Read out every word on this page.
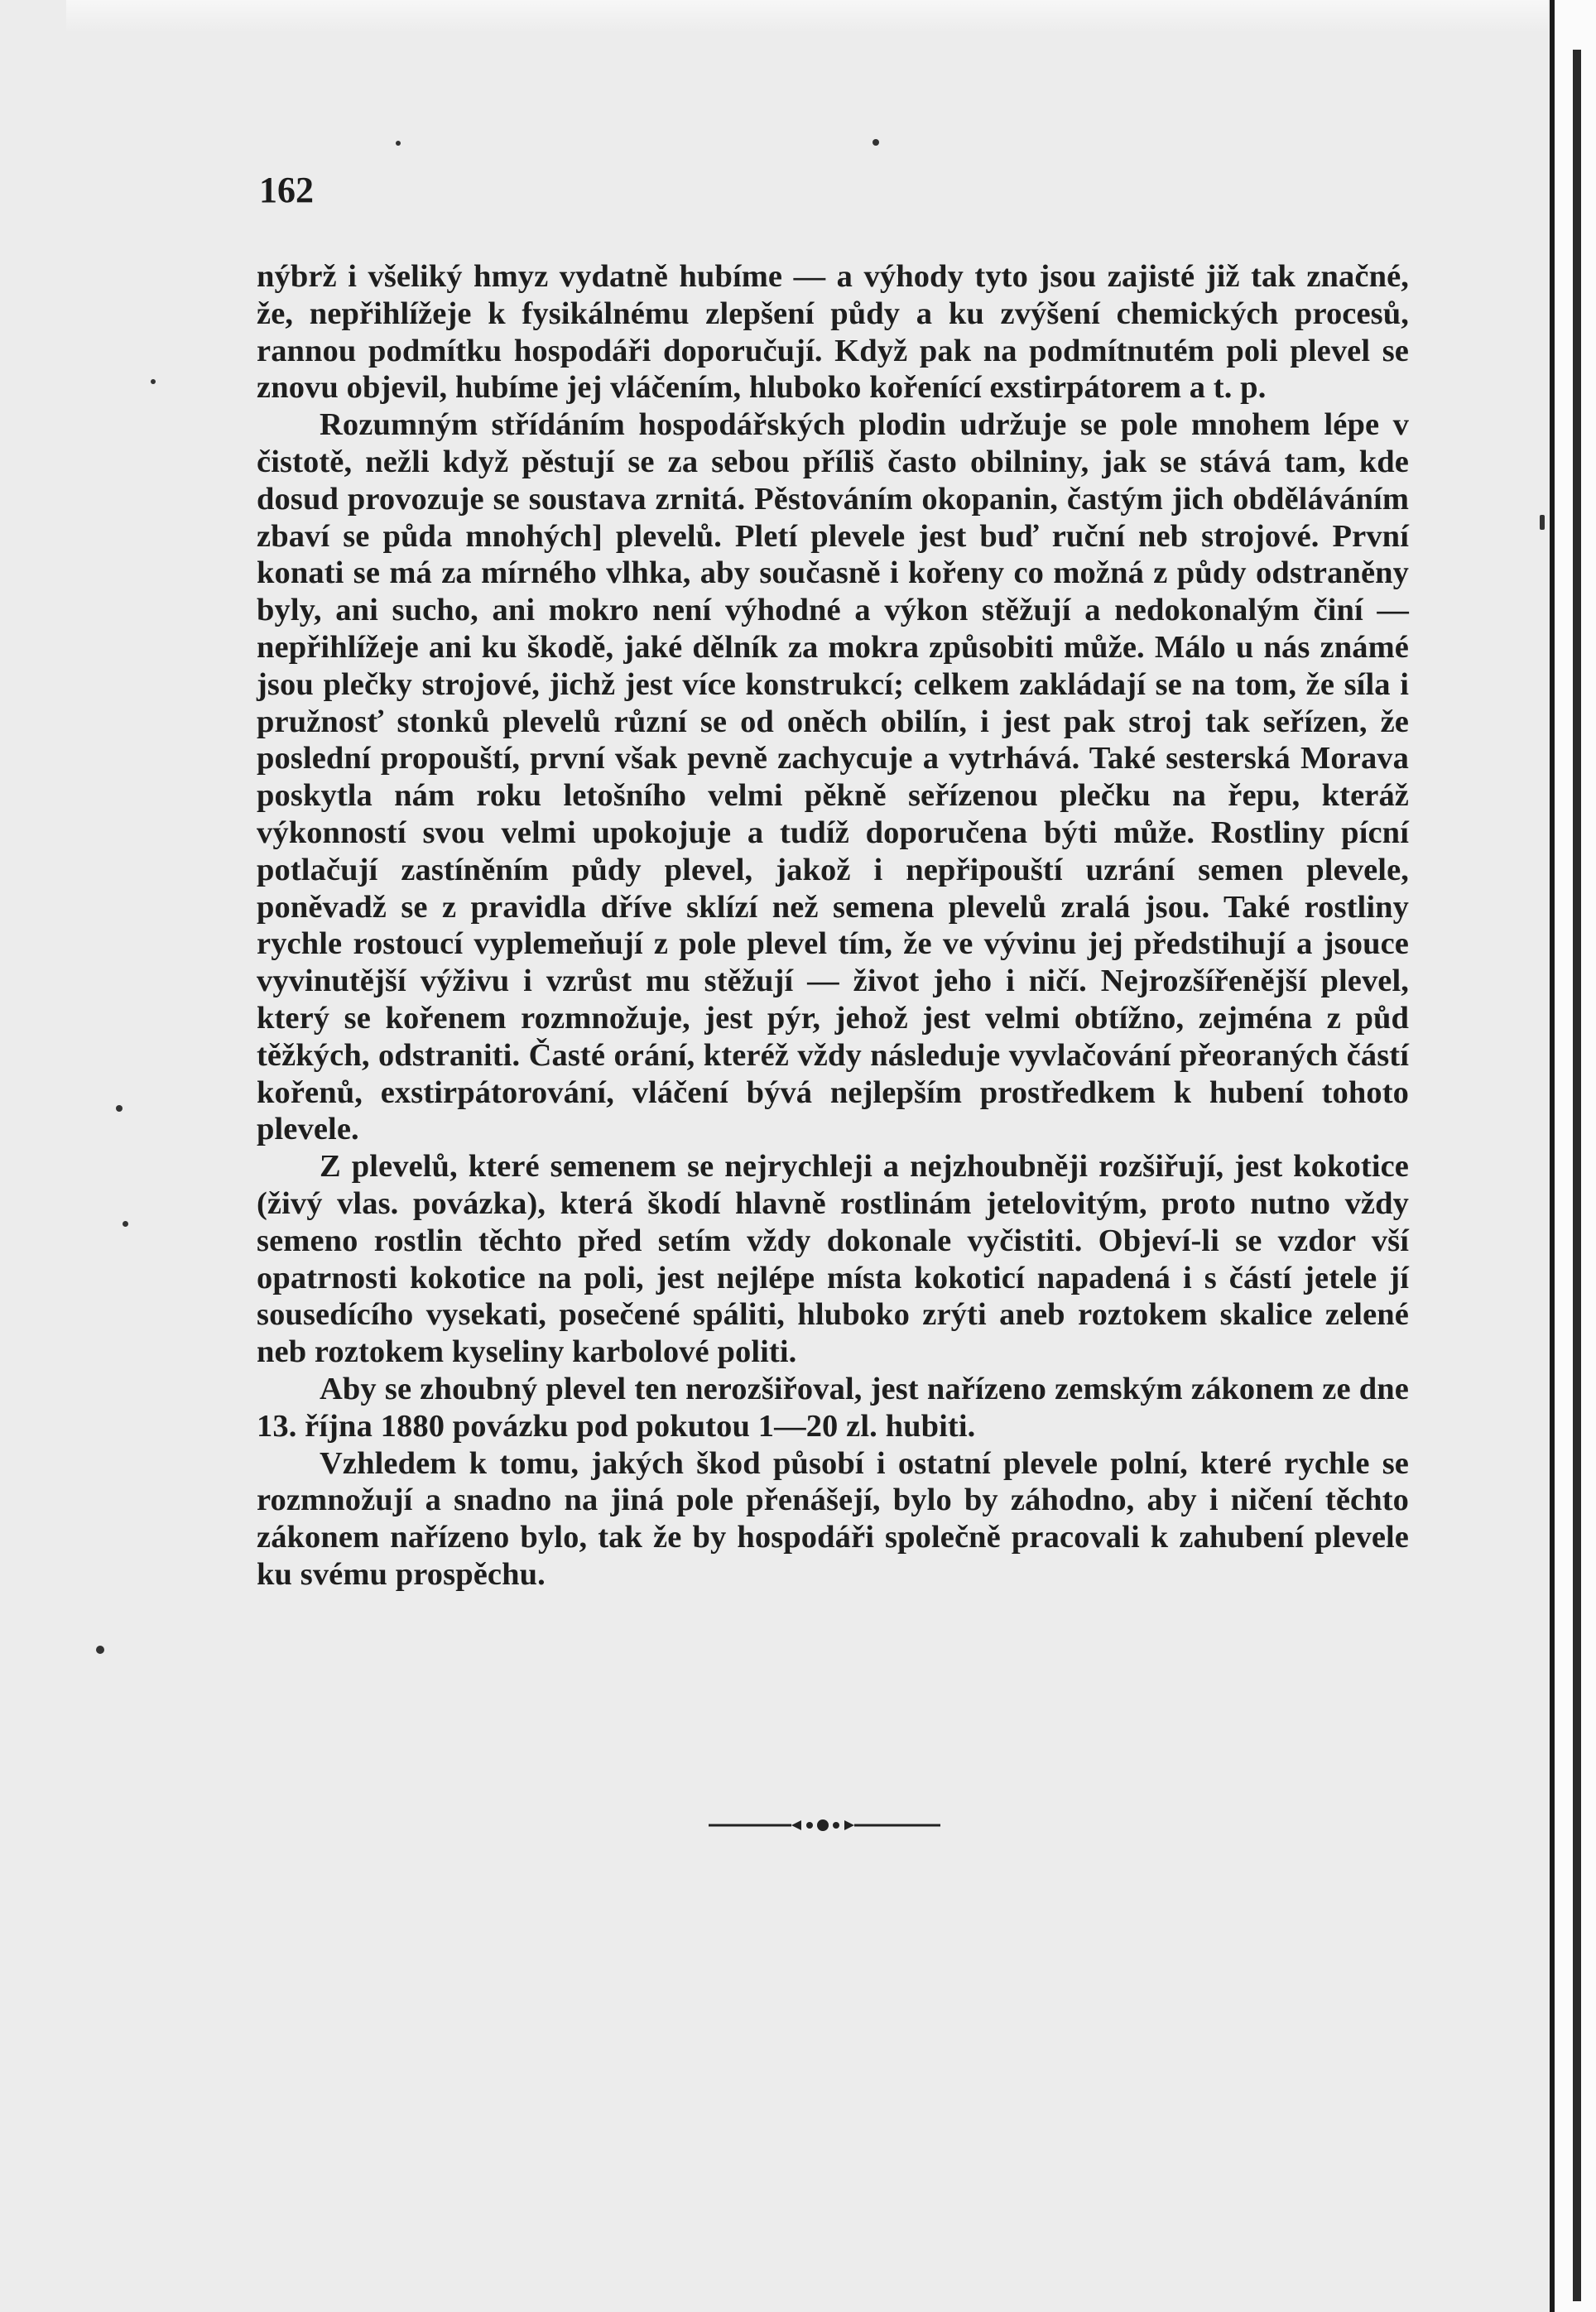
162

nýbrž i všeliký hmyz vydatně hubíme — a výhody tyto jsou zajisté již tak značné, že, nepřihlížeje k fysikálnému zlepšení půdy a ku zvýšení chemických procesů, rannou podmítku hospodáři doporučují. Když pak na podmítnutém poli plevel se znovu objevil, hubíme jej vláčením, hluboko kořenící exstirpátorem a t. p.

Rozumným střídáním hospodářských plodin udržuje se pole mnohem lépe v čistotě, nežli když pěstují se za sebou příliš často obilniny, jak se stává tam, kde dosud provozuje se soustava zrnitá. Pěstováním okopanin, častým jich obděláváním zbaví se půda mnohých] plevelů. Pletí plevele jest buď ruční neb strojové. První konati se má za mírného vlhka, aby současně i kořeny co možná z půdy odstraněny byly, ani sucho, ani mokro není výhodné a výkon stěžují a nedokonalým činí — nepřihlížeje ani ku škodě, jaké dělník za mokra způsobiti může. Málo u nás známé jsou plečky strojové, jichž jest více konstrukcí; celkem zakládají se na tom, že síla i pružnosť stonků plevelů různí se od oněch obilín, i jest pak stroj tak seřízen, že poslední propouští, první však pevně zachycuje a vytrhává. Také sesterská Morava poskytla nám roku letošního velmi pěkně seřízenou plečku na řepu, kteráž výkonností svou velmi upokojuje a tudíž doporučena býti může. Rostliny pícní potlačují zastíněním půdy plevel, jakož i nepřipouští uzrání semen plevele, poněvadž se z pravidla dříve sklízí než semena plevelů zralá jsou. Také rostliny rychle rostoucí vyplemeňují z pole plevel tím, že ve vývinu jej předstihují a jsouce vyvinutější výživu i vzrůst mu stěžují — život jeho i ničí. Nejrozšířenější plevel, který se kořenem rozmnožuje, jest pýr, jehož jest velmi obtížno, zejména z půd těžkých, odstraniti. Časté orání, kteréž vždy následuje vyvlačování přeoraných částí kořenů, exstirpátorování, vláčení bývá nejlepším prostředkem k hubení tohoto plevele.

Z plevelů, které semenem se nejrychleji a nejzhoubněji rozšiřují, jest kokotice (živý vlas. povázka), která škodí hlavně rostlinám jetelovitým, proto nutno vždy semeno rostlin těchto před setím vždy dokonale vyčistiti. Objeví-li se vzdor vší opatrnosti kokotice na poli, jest nejlépe místa kokoticí napadená i s částí jetele jí sousedícího vysekati, posečené spáliti, hluboko zrýti aneb roztokem skalice zelené neb roztokem kyseliny karbolové politi.

Aby se zhoubný plevel ten nerozšiřoval, jest nařízeno zemským zákonem ze dne 13. října 1880 povázku pod pokutou 1—20 zl. hubiti.

Vzhledem k tomu, jakých škod působí i ostatní plevele polní, které rychle se rozmnožují a snadno na jiná pole přenášejí, bylo by záhodno, aby i ničení těchto zákonem nařízeno bylo, tak že by hospodáři společně pracovali k zahubení plevele ku svému prospěchu.
